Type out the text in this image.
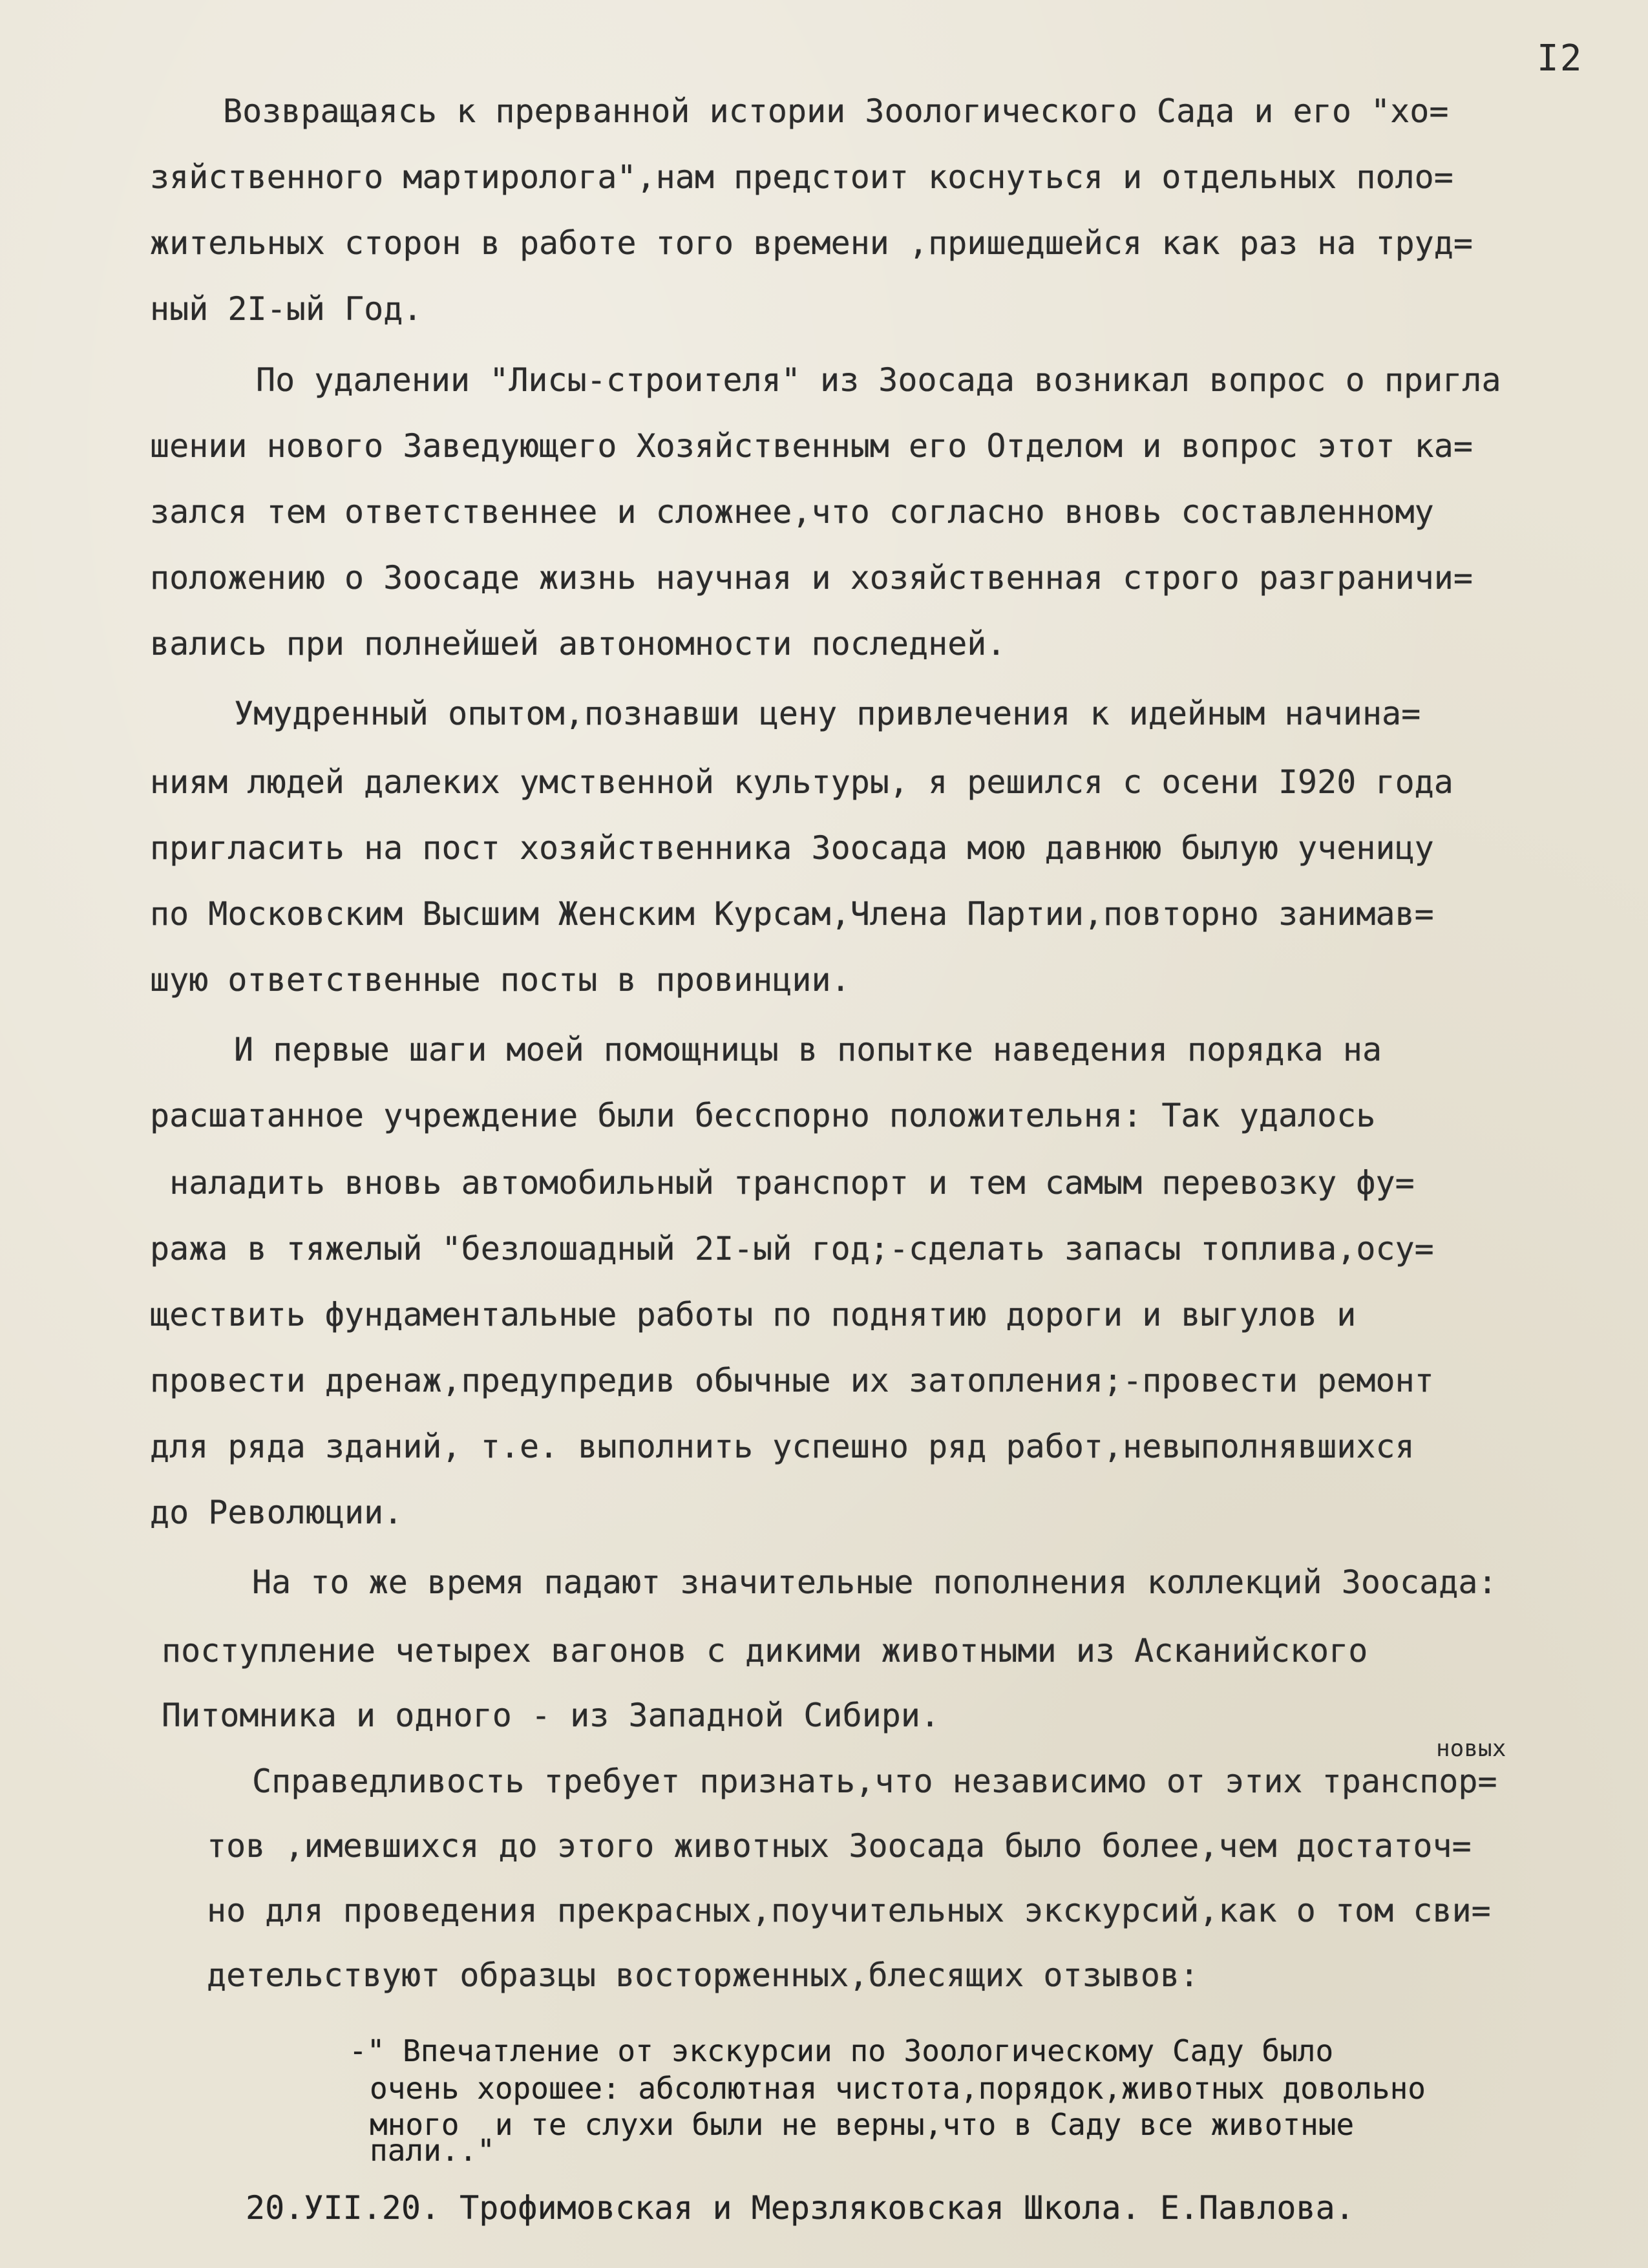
I2
Возвращаясь к прерванной истории Зоологического Сада и его "хо=
зяйственного мартиролога",нам предстоит коснуться и отдельных поло=
жительных сторон в работе того времени ,пришедшейся как раз на труд=
ный 2I-ый Год.
По удалении "Лисы-строителя" из Зоосада возникал вопрос о пригла
шении нового Заведующего Хозяйственным его Отделом и вопрос этот ка=
зался тем ответственнее и сложнее,что согласно вновь составленному
положению о Зоосаде жизнь научная и хозяйственная строго разграничи=
вались при полнейшей автономности последней.
Умудренный опытом,познавши цену привлечения к идейным начина=
ниям людей далеких умственной культуры, я решился с осени I920 года
пригласить на пост хозяйственника Зоосада мою давнюю былую ученицу
по Московским Высшим Женским Курсам,Члена Партии,повторно занимав=
шую ответственные посты в провинции.
И первые шаги моей помощницы в попытке наведения порядка на
расшатанное учреждение были бесспорно положительня: Так удалось
наладить вновь автомобильный транспорт и тем самым перевозку фу=
ража в тяжелый "безлошадный 2I-ый год;-сделать запасы топлива,осу=
ществить фундаментальные работы по поднятию дороги и выгулов и
провести дренаж,предупредив обычные их затопления;-провести ремонт
для ряда зданий, т.е. выполнить успешно ряд работ,невыполнявшихся
до Революции.
На то же время падают значительные пополнения коллекций Зоосада:
поступление четырех вагонов с дикими животными из Асканийского
Питомника и одного - из Западной Сибири.
новых
Справедливость требует признать,что независимо от этих транспор=
тов ,имевшихся до этого животных Зоосада было более,чем достаточ=
но для проведения прекрасных,поучительных экскурсий,как о том сви=
детельствуют образцы восторженных,блесящих отзывов:
-" Впечатление от экскурсии по Зоологическому Саду было
очень хорошее: абсолютная чистота,порядок,животных довольно
много  и те слухи были не верны,что в Саду все животные
пали.."
20.УII.20. Трофимовская и Мерзляковская Школа. Е.Павлова.
